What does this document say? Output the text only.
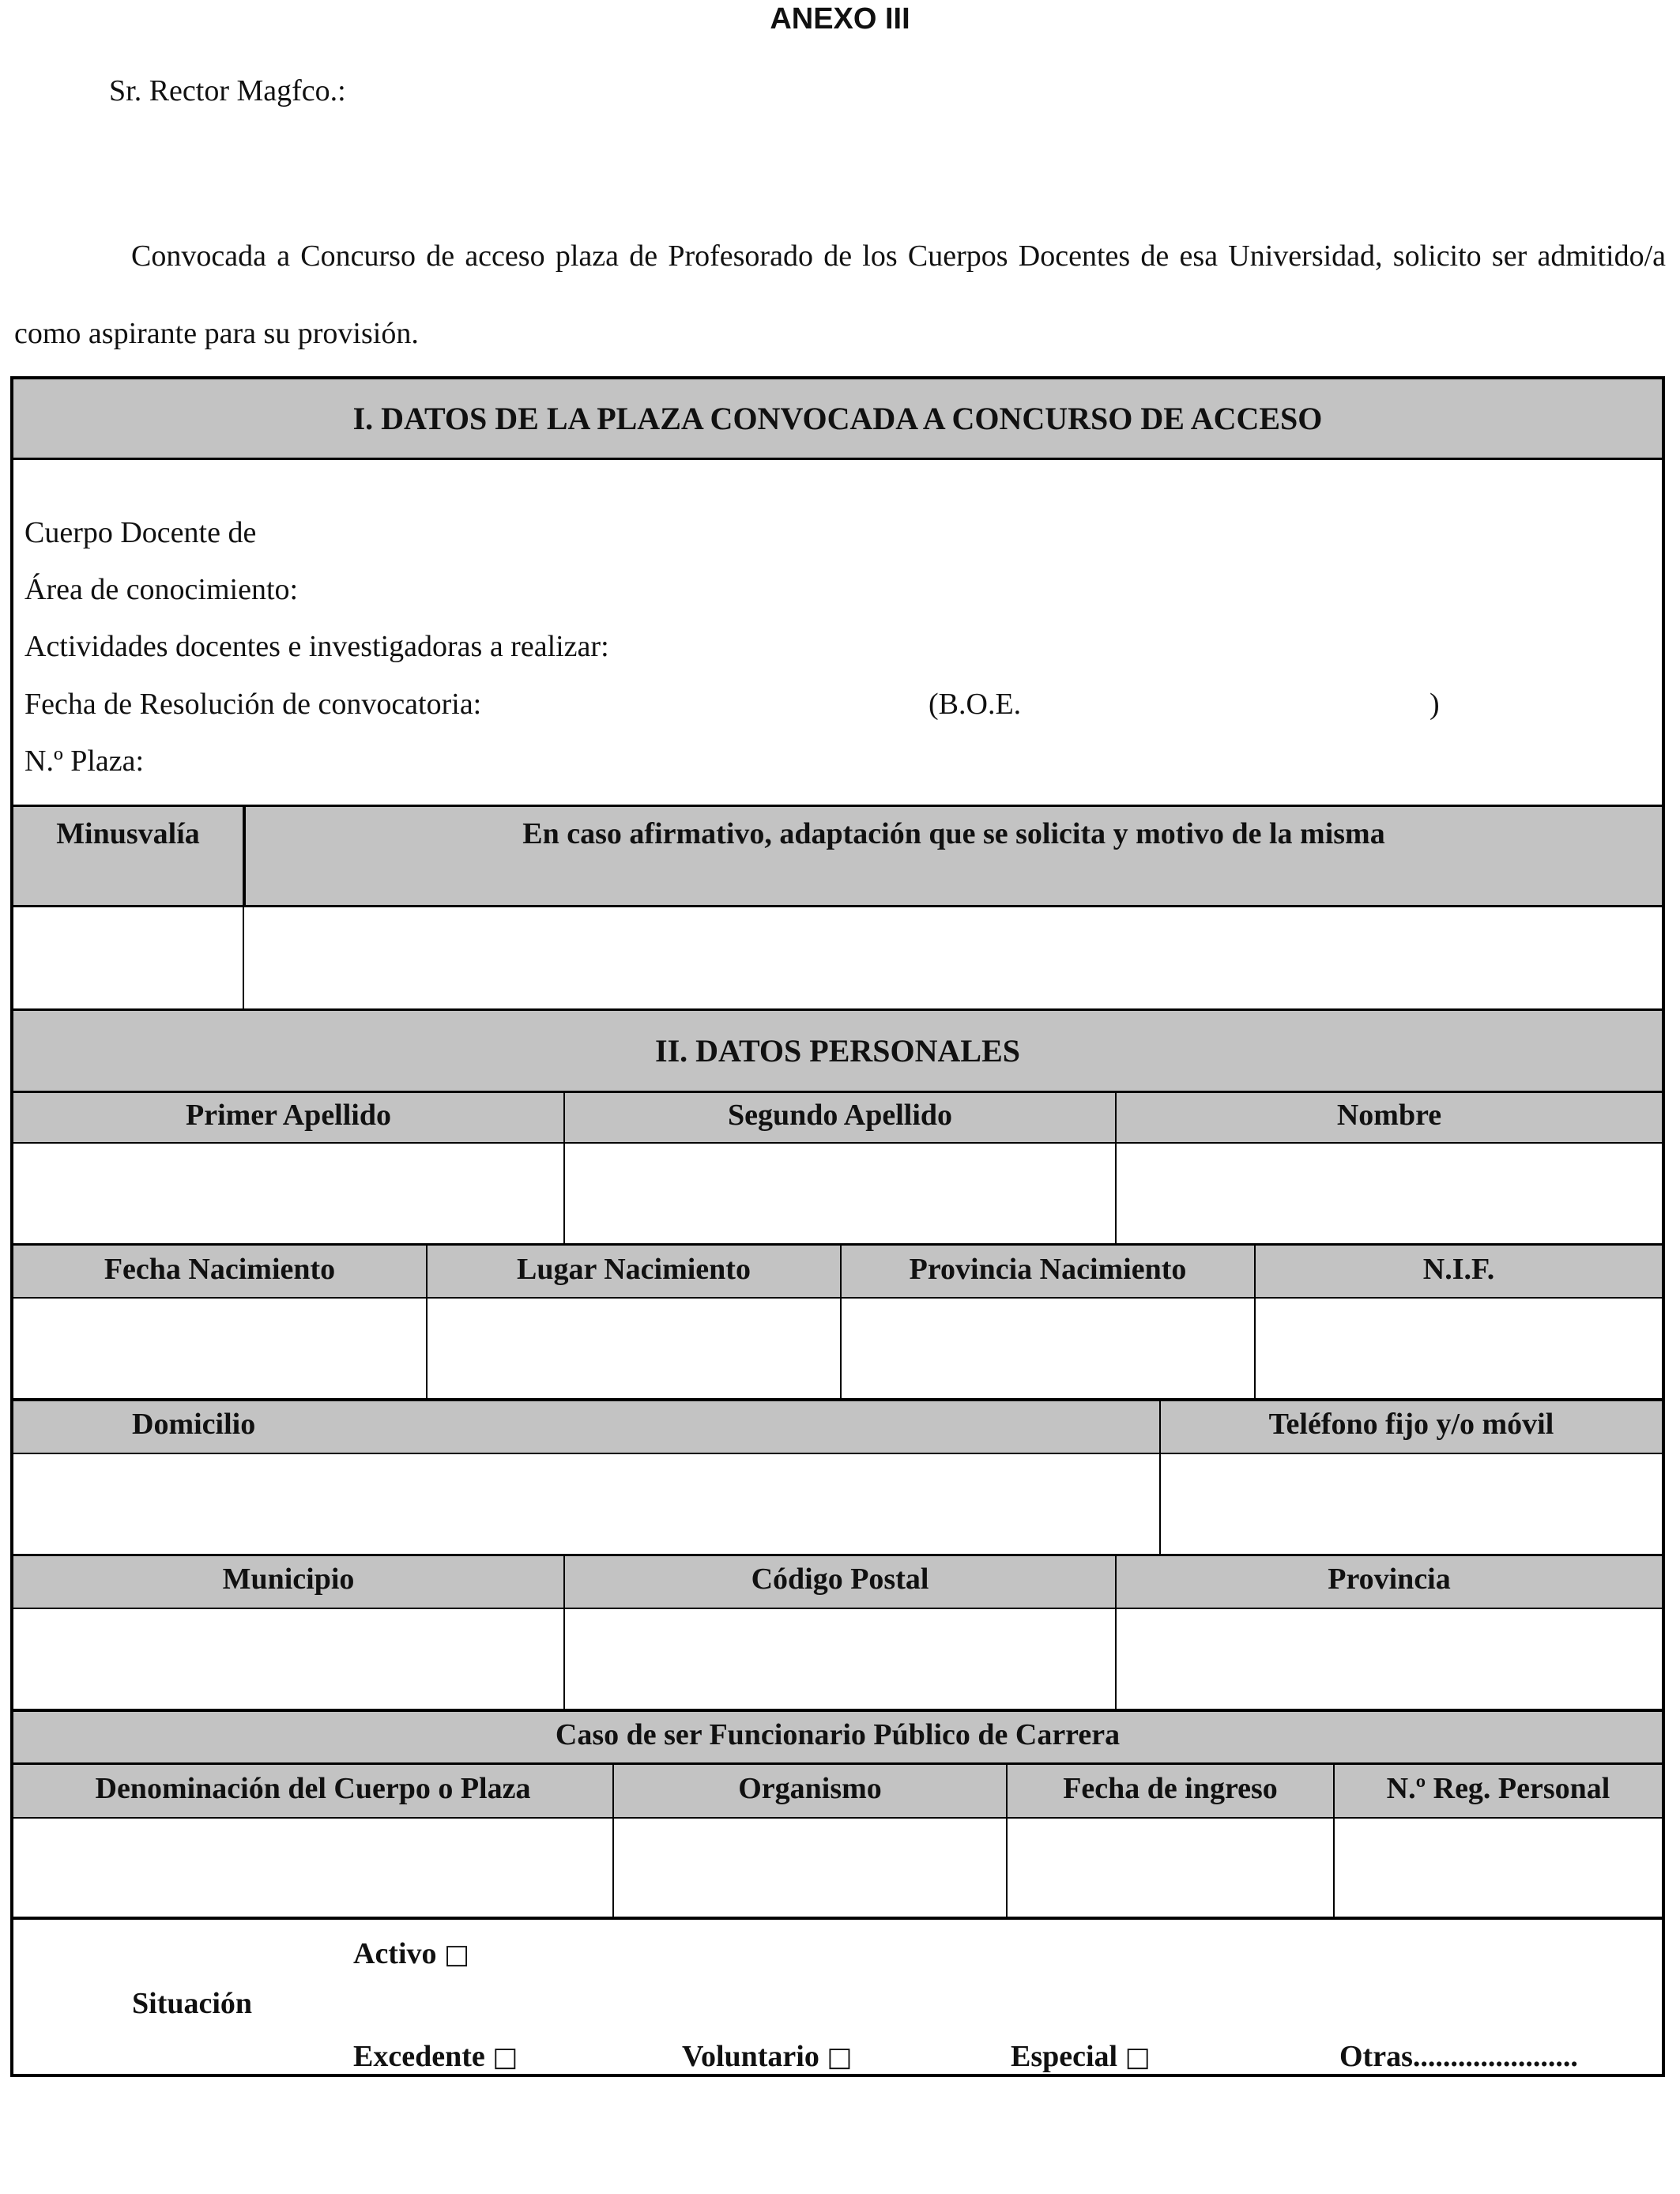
ANEXO III
Sr. Rector Magfco.:

Convocada a Concurso de acceso plaza de Profesorado de los Cuerpos Docentes de esa Universidad, solicito ser admitido/a como aspirante para su provisión.

I. DATOS DE LA PLAZA CONVOCADA A CONCURSO DE ACCESO
Cuerpo Docente de
Área de conocimiento:
Actividades docentes e investigadoras a realizar:
Fecha de Resolución de convocatoria:	(B.O.E.	)
N.º Plaza:
Minusvalía	En caso afirmativo, adaptación que se solicita y motivo de la misma
II. DATOS PERSONALES
Primer Apellido	Segundo Apellido	Nombre
Fecha Nacimiento	Lugar Nacimiento	Provincia Nacimiento	N.I.F.
Domicilio	Teléfono fijo y/o móvil
Municipio	Código Postal	Provincia
Caso de ser Funcionario Público de Carrera
Denominación del Cuerpo o Plaza	Organismo	Fecha de ingreso	N.º Reg. Personal
Activo □
Situación
Excedente □	Voluntario □	Especial □	Otras......................
